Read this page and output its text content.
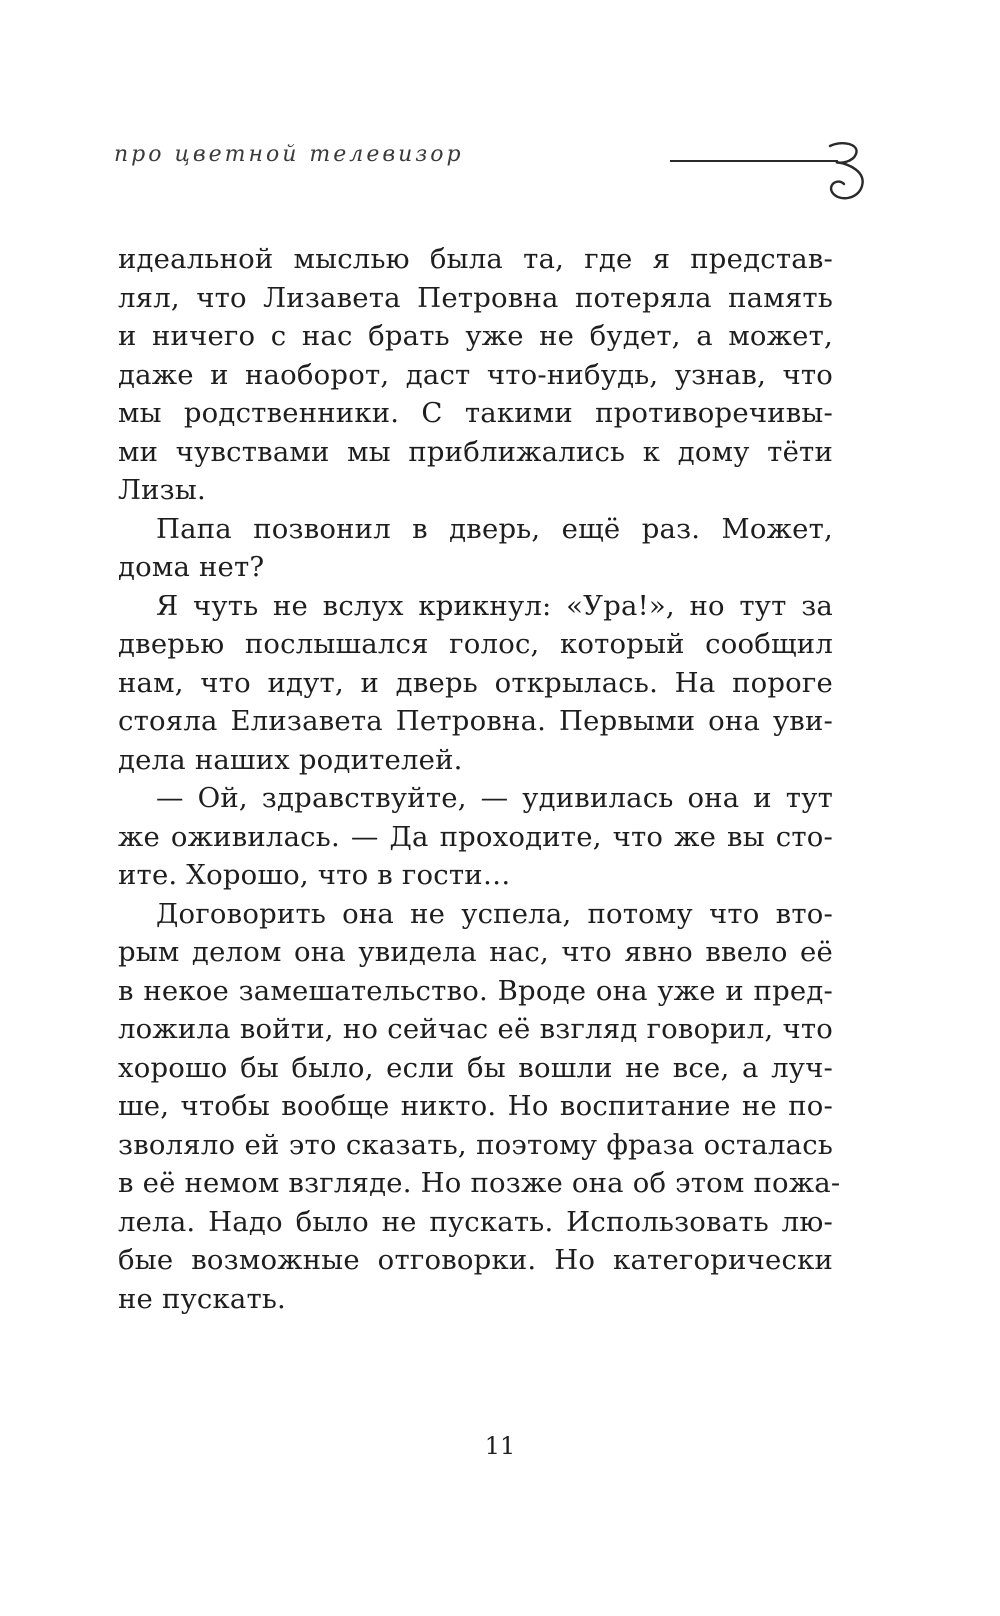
про цветной телевизор
идеальной мыслью была та, где я представ-
лял, что Лизавета Петровна потеряла память
и ничего с нас брать уже не будет, а может,
даже и наоборот, даст что-нибудь, узнав, что
мы родственники. С такими противоречивы-
ми чувствами мы приближались к дому тёти
Лизы.
Папа позвонил в дверь, ещё раз. Может,
дома нет?
Я чуть не вслух крикнул: «Ура!», но тут за
дверью послышался голос, который сообщил
нам, что идут, и дверь открылась. На пороге
стояла Елизавета Петровна. Первыми она уви-
дела наших родителей.
— Ой, здравствуйте, — удивилась она и тут
же оживилась. — Да проходите, что же вы сто-
ите. Хорошо, что в гости…
Договорить она не успела, потому что вто-
рым делом она увидела нас, что явно ввело её
в некое замешательство. Вроде она уже и пред-
ложила войти, но сейчас её взгляд говорил, что
хорошо бы было, если бы вошли не все, а луч-
ше, чтобы вообще никто. Но воспитание не по-
зволяло ей это сказать, поэтому фраза осталась
в её немом взгляде. Но позже она об этом пожа-
лела. Надо было не пускать. Использовать лю-
бые возможные отговорки. Но категорически
не пускать.
11
